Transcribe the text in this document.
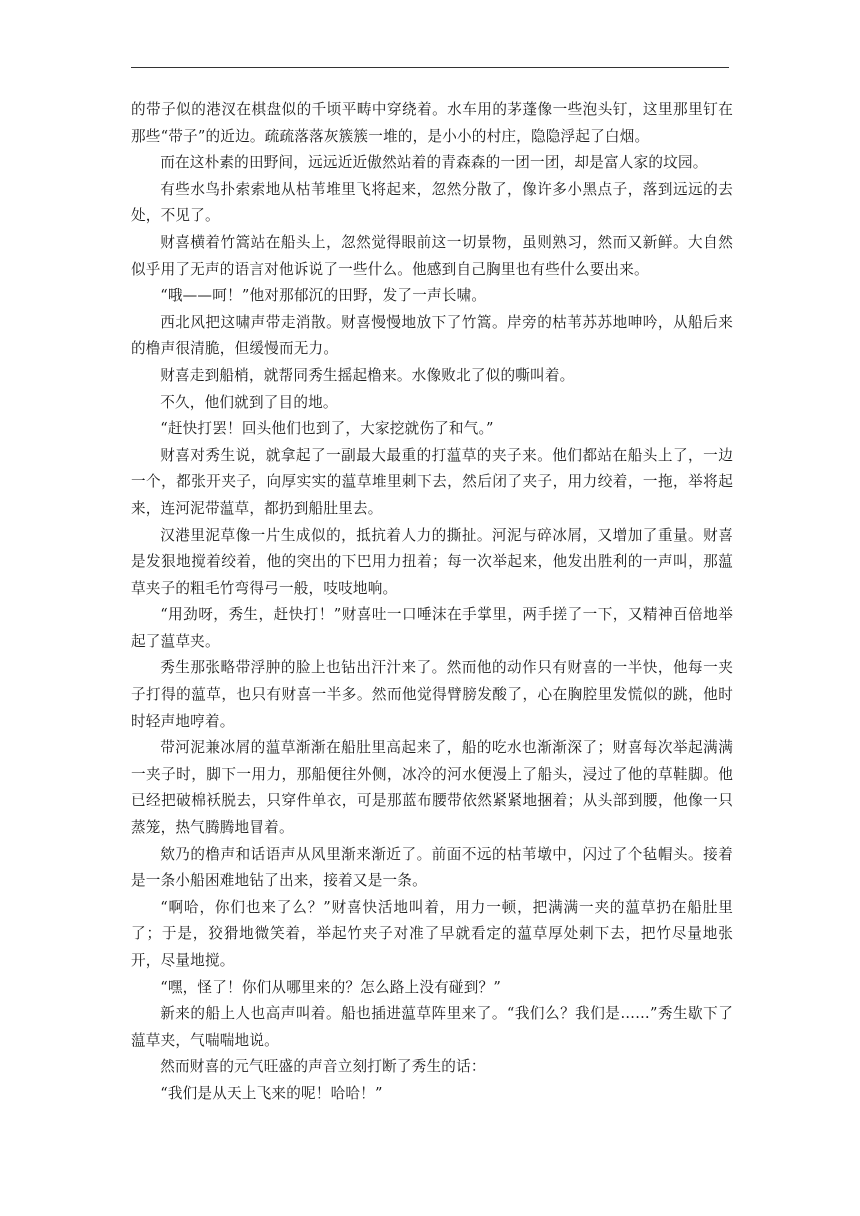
的带子似的港汊在棋盘似的千顷平畴中穿绕着。水车用的茅蓬像一些泡头钉，这里那里钉在那些“带子”的近边。疏疏落落灰簇簇一堆的，是小小的村庄，隐隐浮起了白烟。

而在这朴素的田野间，远远近近傲然站着的青森森的一团一团，却是富人家的坟园。

有些水鸟扑索索地从枯苇堆里飞将起来，忽然分散了，像许多小黑点子，落到远远的去处，不见了。

财喜横着竹篙站在船头上，忽然觉得眼前这一切景物，虽则熟习，然而又新鲜。大自然似乎用了无声的语言对他诉说了一些什么。他感到自己胸里也有些什么要出来。

“哦——呵！”他对那郁沉的田野，发了一声长啸。

西北风把这啸声带走消散。财喜慢慢地放下了竹篙。岸旁的枯苇苏苏地呻吟，从船后来的橹声很清脆，但缓慢而无力。

财喜走到船梢，就帮同秀生摇起橹来。水像败北了似的嘶叫着。

不久，他们就到了目的地。

“赶快打罢！回头他们也到了，大家挖就伤了和气。”

财喜对秀生说，就拿起了一副最大最重的打蕰草的夹子来。他们都站在船头上了，一边一个，都张开夹子，向厚实实的蕰草堆里刺下去，然后闭了夹子，用力绞着，一拖，举将起来，连河泥带蕰草，都扔到船肚里去。

汉港里泥草像一片生成似的，抵抗着人力的撕扯。河泥与碎冰屑，又增加了重量。财喜是发狠地搅着绞着，他的突出的下巴用力扭着；每一次举起来，他发出胜利的一声叫，那蕰草夹子的粗毛竹弯得弓一般，吱吱地响。

“用劲呀，秀生，赶快打！”财喜吐一口唾沫在手掌里，两手搓了一下，又精神百倍地举起了蕰草夹。

秀生那张略带浮肿的脸上也钻出汗汁来了。然而他的动作只有财喜的一半快，他每一夹子打得的蕰草，也只有财喜一半多。然而他觉得臂膀发酸了，心在胸腔里发慌似的跳，他时时轻声地哼着。

带河泥兼冰屑的蕰草渐渐在船肚里高起来了，船的吃水也渐渐深了；财喜每次举起满满一夹子时，脚下一用力，那船便往外侧，冰冷的河水便漫上了船头，浸过了他的草鞋脚。他已经把破棉袄脱去，只穿件单衣，可是那蓝布腰带依然紧紧地捆着；从头部到腰，他像一只蒸笼，热气腾腾地冒着。

欸乃的橹声和话语声从风里渐来渐近了。前面不远的枯苇墩中，闪过了个毡帽头。接着是一条小船困难地钻了出来，接着又是一条。

“啊哈，你们也来了么？”财喜快活地叫着，用力一顿，把满满一夹的蕰草扔在船肚里了；于是，狡猾地微笑着，举起竹夹子对准了早就看定的蕰草厚处刺下去，把竹尽量地张开，尽量地搅。

“嘿，怪了！你们从哪里来的？怎么路上没有碰到？”

新来的船上人也高声叫着。船也插进蕰草阵里来了。“我们么？我们是……”秀生歇下了蕰草夹，气喘喘地说。

然而财喜的元气旺盛的声音立刻打断了秀生的话：

“我们是从天上飞来的呢！哈哈！”
